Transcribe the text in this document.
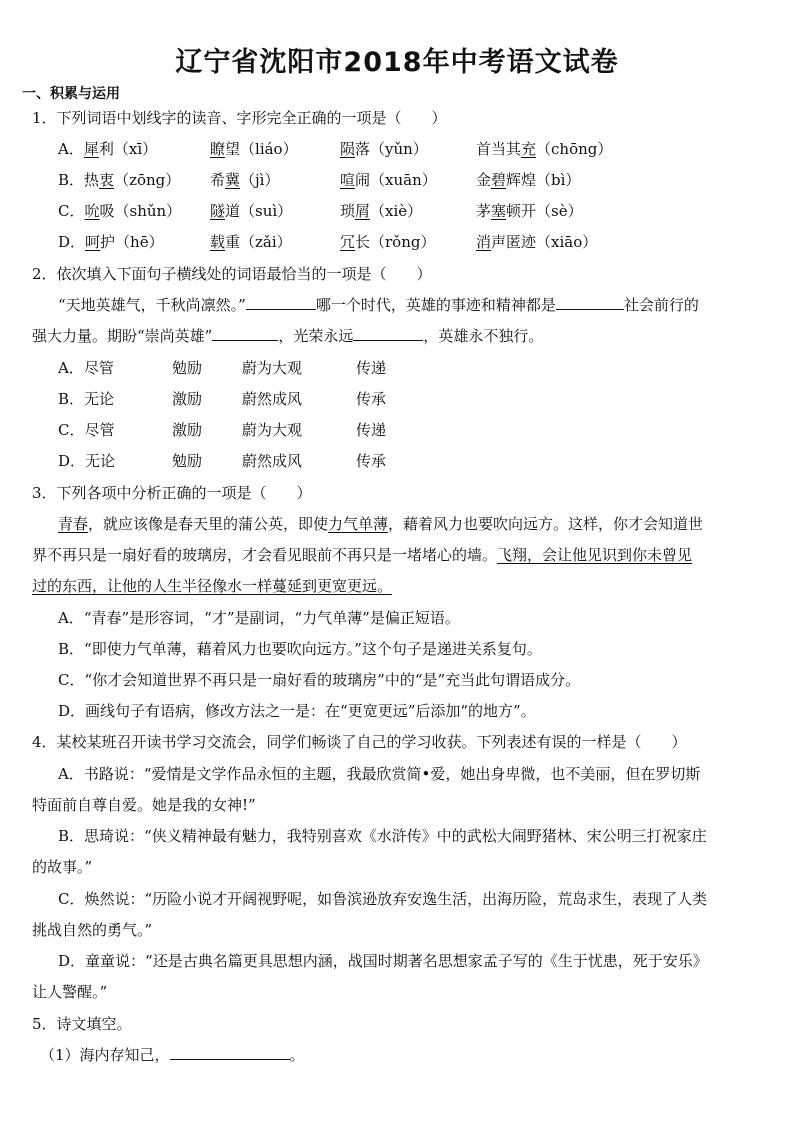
辽宁省沈阳市2018年中考语文试卷
一、积累与运用
1．下列词语中划线字的读音、字形完全正确的一项是（　　）
A．犀利（xī）	瞭望（liáo）	陨落（yǔn）	首当其充（chōng）
B．热衷（zōng） 希冀（jì）	喧闹（xuān）	金碧辉煌（bì）
C．吮吸（shǔn） 隧道（suì）	琐屑（xiè）	茅塞顿开（sè）
D．呵护（hē）	载重（zǎi）	冗长（rǒng）	消声匿迹（xiāo）
2．依次填入下面句子横线处的词语最恰当的一项是（　　）
“天地英雄气，千秋尚凛然。”	哪一个时代，英雄的事迹和精神都是	社会前行的
强大力量。期盼“崇尚英雄”	，光荣永远	，英雄永不独行。
A．尽管	勉励	蔚为大观	传递
B．无论	激励	蔚然成风	传承
C．尽管	激励	蔚为大观	传递
D．无论	勉励	蔚然成风	传承
3．下列各项中分析正确的一项是（　　）
青春，就应该像是春天里的蒲公英，即使力气单薄，藉着风力也要吹向远方。这样，你才会知道世
界不再只是一扇好看的玻璃房，才会看见眼前不再只是一堵堵心的墙。飞翔，会让他见识到你未曾见
过的东西，让他的人生半径像水一样蔓延到更宽更远。
A．“青春”是形容词，“才”是副词，“力气单薄”是偏正短语。
B．“即使力气单薄，藉着风力也要吹向远方。”这个句子是递进关系复句。
C．“你才会知道世界不再只是一扇好看的玻璃房”中的“是”充当此句谓语成分。
D．画线句子有语病，修改方法之一是：在“更宽更远”后添加“的地方”。
4．某校某班召开读书学习交流会，同学们畅谈了自己的学习收获。下列表述有误的一样是（　　）
A．书路说：“爱情是文学作品永恒的主题，我最欣赏简•爱，她出身卑微，也不美丽，但在罗切斯
特面前自尊自爱。她是我的女神!”
B．思琦说：“侠义精神最有魅力，我特别喜欢《水浒传》中的武松大闹野猪林、宋公明三打祝家庄
的故事。”
C．焕然说：“历险小说才开阔视野呢，如鲁滨逊放弃安逸生活，出海历险，荒岛求生，表现了人类
挑战自然的勇气。”
D．童童说：“还是古典名篇更具思想内涵，战国时期著名思想家孟子写的《生于忧患，死于安乐》
让人警醒。”
5．诗文填空。
（1）海内存知己，	。
